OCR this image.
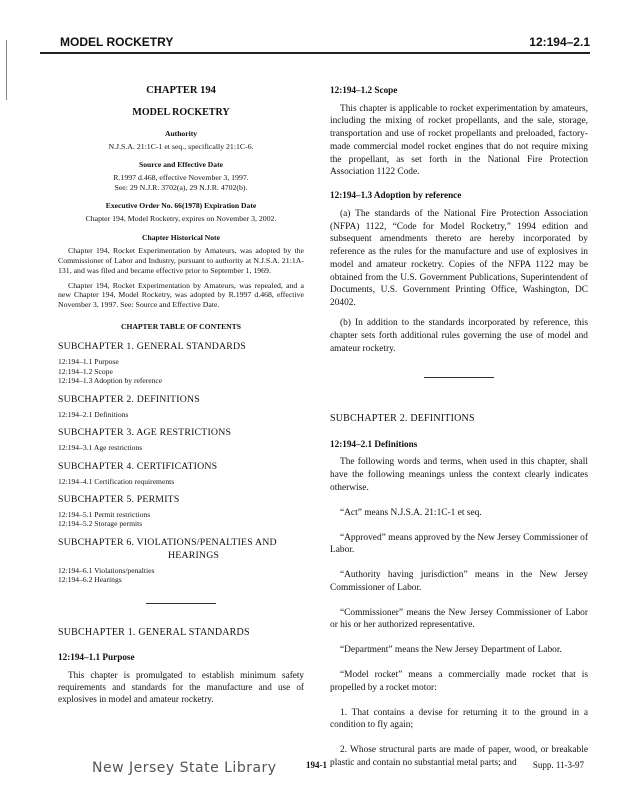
MODEL ROCKETRY	12:194–2.1
CHAPTER 194
MODEL ROCKETRY
Authority
N.J.S.A. 21:1C-1 et seq., specifically 21:1C-6.
Source and Effective Date
R.1997 d.468, effective November 3, 1997.
See: 29 N.J.R. 3702(a), 29 N.J.R. 4702(b).
Executive Order No. 66(1978) Expiration Date
Chapter 194, Model Rocketry, expires on November 3, 2002.
Chapter Historical Note

Chapter 194, Rocket Experimentation by Amateurs, was adopted by the Commissioner of Labor and Industry, pursuant to authority at N.J.S.A. 21:1A-131, and was filed and became effective prior to September 1, 1969.

Chapter 194, Rocket Experimentation by Amateurs, was repealed, and a new Chapter 194, Model Rocketry, was adopted by R.1997 d.468, effective November 3, 1997. See: Source and Effective Date.

CHAPTER TABLE OF CONTENTS
SUBCHAPTER 1. GENERAL STANDARDS
12:194–1.1 Purpose
12:194–1.2 Scope
12:194–1.3 Adoption by reference
SUBCHAPTER 2. DEFINITIONS
12:194–2.1 Definitions
SUBCHAPTER 3. AGE RESTRICTIONS
12:194–3.1 Age restrictions
SUBCHAPTER 4. CERTIFICATIONS
12:194–4.1 Certification requirements
SUBCHAPTER 5. PERMITS
12:194–5.1 Permit restrictions
12:194–5.2 Storage permits
SUBCHAPTER 6. VIOLATIONS/PENALTIES AND
HEARINGS
12:194–6.1 Violations/penalties
12:194–6.2 Hearings
SUBCHAPTER 1. GENERAL STANDARDS
12:194–1.1 Purpose

This chapter is promulgated to establish minimum safety requirements and standards for the manufacture and use of explosives in model and amateur rocketry.

12:194–1.2 Scope

This chapter is applicable to rocket experimentation by amateurs, including the mixing of rocket propellants, and the sale, storage, transportation and use of rocket propellants and preloaded, factory-made commercial model rocket engines that do not require mixing the propellant, as set forth in the National Fire Protection Association 1122 Code.

12:194–1.3 Adoption by reference

(a) The standards of the National Fire Protection Association (NFPA) 1122, “Code for Model Rocketry,” 1994 edition and subsequent amendments thereto are hereby incorporated by reference as the rules for the manufacture and use of explosives in model and amateur rocketry. Copies of the NFPA 1122 may be obtained from the U.S. Government Publications, Superintendent of Documents, U.S. Government Printing Office, Washington, DC 20402.

(b) In addition to the standards incorporated by reference, this chapter sets forth additional rules governing the use of model and amateur rocketry.

SUBCHAPTER 2. DEFINITIONS
12:194–2.1 Definitions

The following words and terms, when used in this chapter, shall have the following meanings unless the context clearly indicates otherwise.

“Act” means N.J.S.A. 21:1C-1 et seq.

“Approved” means approved by the New Jersey Commissioner of Labor.

“Authority having jurisdiction” means in the New Jersey Commissioner of Labor.

“Commissioner” means the New Jersey Commissioner of Labor or his or her authorized representative.

“Department” means the New Jersey Department of Labor.

“Model rocket” means a commercially made rocket that is propelled by a rocket motor:

1. That contains a devise for returning it to the ground in a condition to fly again;

2. Whose structural parts are made of paper, wood, or breakable plastic and contain no substantial metal parts; and

New Jersey State Library	194-1	Supp. 11-3-97
